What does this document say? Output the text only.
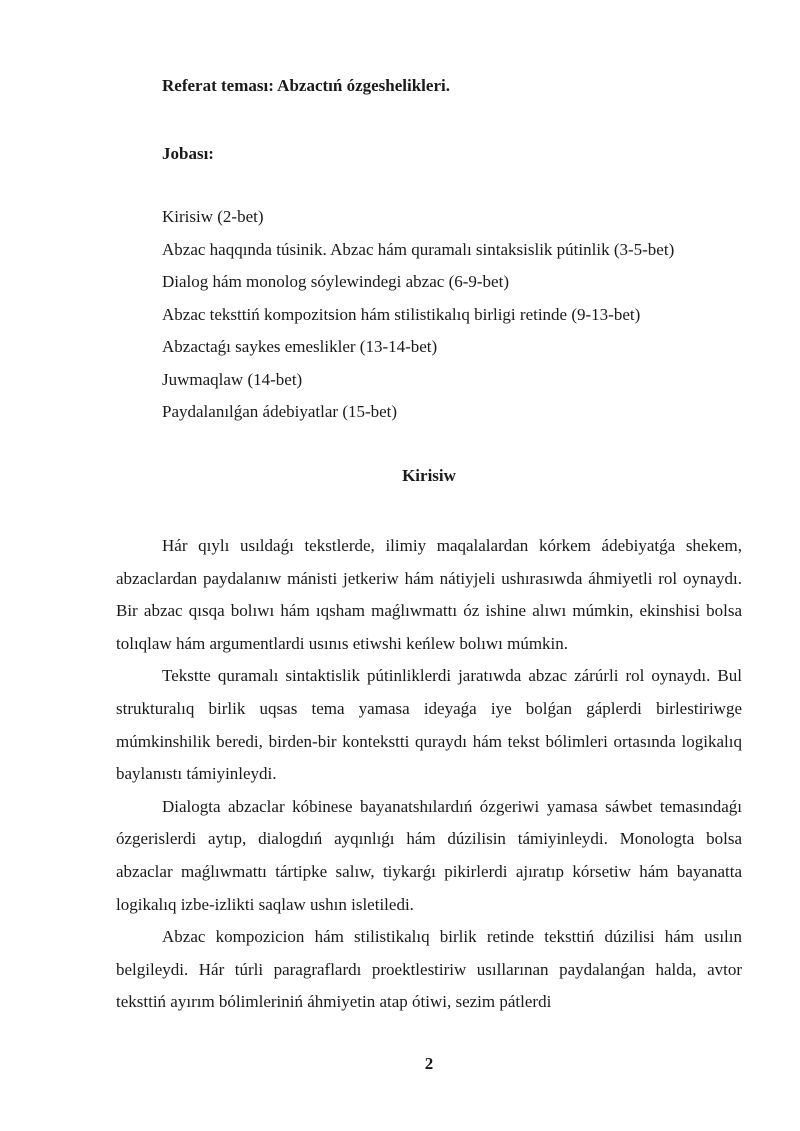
Referat teması: Abzactıń ózgeshelikleri.
Jobası:
Kirisiw (2-bet)
Abzac haqqında túsinik. Abzac hám quramalı sintaksislik pútinlik (3-5-bet)
Dialog hám monolog sóylewindegi abzac (6-9-bet)
Abzac teksttiń kompozitsion hám stilistikalıq birligi retinde (9-13-bet)
Abzactaǵı saykes emeslikler (13-14-bet)
Juwmaqlaw (14-bet)
Paydalanılǵan ádebiyatlar (15-bet)
Kirisiw

Hár qıylı usıldaǵı tekstlerde, ilimiy maqalalardan kórkem ádebiyatǵa shekem, abzaclardan paydalanıw mánisti jetkeriw hám nátiyjeli ushırasıwda áhmiyetli rol oynaydı. Bir abzac qısqa bolıwı hám ıqsham maǵlıwmattı óz ishine alıwı múmkin, ekinshisi bolsa tolıqlaw hám argumentlardi usınıs etiwshi keńlew bolıwı múmkin.

Tekstte quramalı sintaktislik pútinliklerdi jaratıwda abzac zárúrli rol oynaydı. Bul strukturalıq birlik uqsas tema yamasa ideyaǵa iye bolǵan gáplerdi birlestiriwge múmkinshilik beredi, birden-bir kontekstti quraydı hám tekst bólimleri ortasında logikalıq baylanıstı támiyinleydi.

Dialogta abzaclar kóbinese bayanatshılardıń ózgeriwi yamasa sáwbet temasındaǵı ózgerislerdi aytıp, dialogdıń ayqınlıǵı hám dúzilisin támiyinleydi. Monologta bolsa abzaclar maǵlıwmattı tártipke salıw, tiykarǵı pikirlerdi ajıratıp kórsetiw hám bayanatta logikalıq izbe-izlikti saqlaw ushın isletiledi.

Abzac kompozicion hám stilistikalıq birlik retinde teksttiń dúzilisi hám usılın belgileydi. Hár túrli paragraflardı proektlestiriw usıllarınan paydalanǵan halda, avtor teksttiń ayırım bólimleriniń áhmiyetin atap ótiwi, sezim pátlerdi

2
